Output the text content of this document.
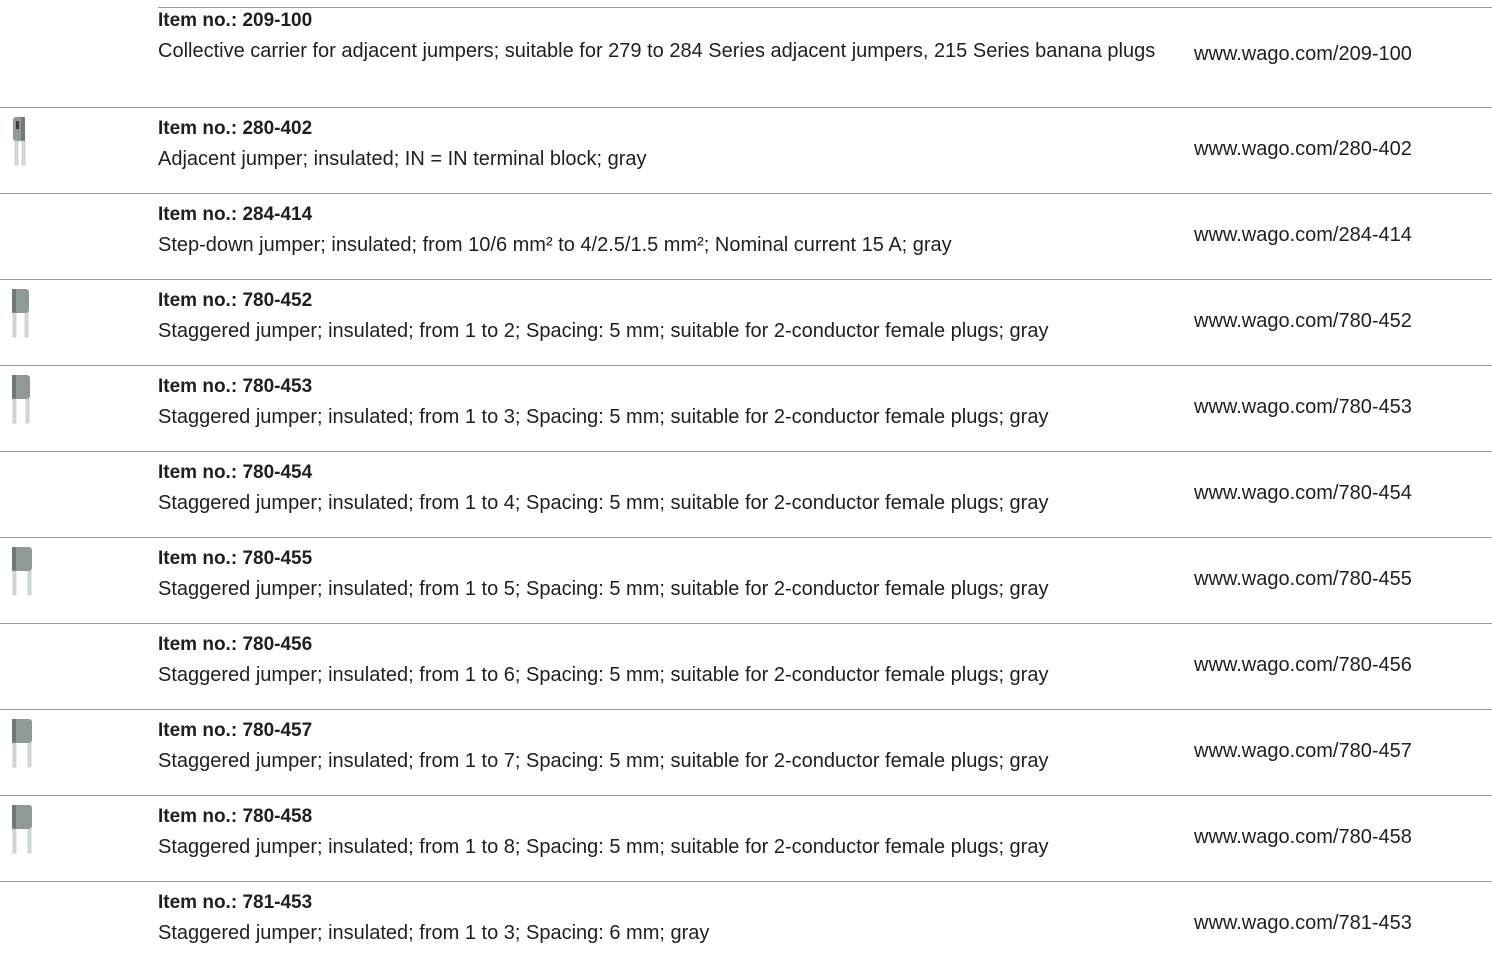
Item no.: 209-100
Collective carrier for adjacent jumpers; suitable for 279 to 284 Series adjacent jumpers, 215 Series banana plugs	www.wago.com/209-100
Item no.: 280-402
Adjacent jumper; insulated; IN = IN terminal block; gray	www.wago.com/280-402
Item no.: 284-414
Step-down jumper; insulated; from 10/6 mm² to 4/2.5/1.5 mm²; Nominal current 15 A; gray	www.wago.com/284-414
Item no.: 780-452
Staggered jumper; insulated; from 1 to 2; Spacing: 5 mm; suitable for 2-conductor female plugs; gray	www.wago.com/780-452
Item no.: 780-453
Staggered jumper; insulated; from 1 to 3; Spacing: 5 mm; suitable for 2-conductor female plugs; gray	www.wago.com/780-453
Item no.: 780-454
Staggered jumper; insulated; from 1 to 4; Spacing: 5 mm; suitable for 2-conductor female plugs; gray	www.wago.com/780-454
Item no.: 780-455
Staggered jumper; insulated; from 1 to 5; Spacing: 5 mm; suitable for 2-conductor female plugs; gray	www.wago.com/780-455
Item no.: 780-456
Staggered jumper; insulated; from 1 to 6; Spacing: 5 mm; suitable for 2-conductor female plugs; gray	www.wago.com/780-456
Item no.: 780-457
Staggered jumper; insulated; from 1 to 7; Spacing: 5 mm; suitable for 2-conductor female plugs; gray	www.wago.com/780-457
Item no.: 780-458
Staggered jumper; insulated; from 1 to 8; Spacing: 5 mm; suitable for 2-conductor female plugs; gray	www.wago.com/780-458
Item no.: 781-453
Staggered jumper; insulated; from 1 to 3; Spacing: 6 mm; gray	www.wago.com/781-453
